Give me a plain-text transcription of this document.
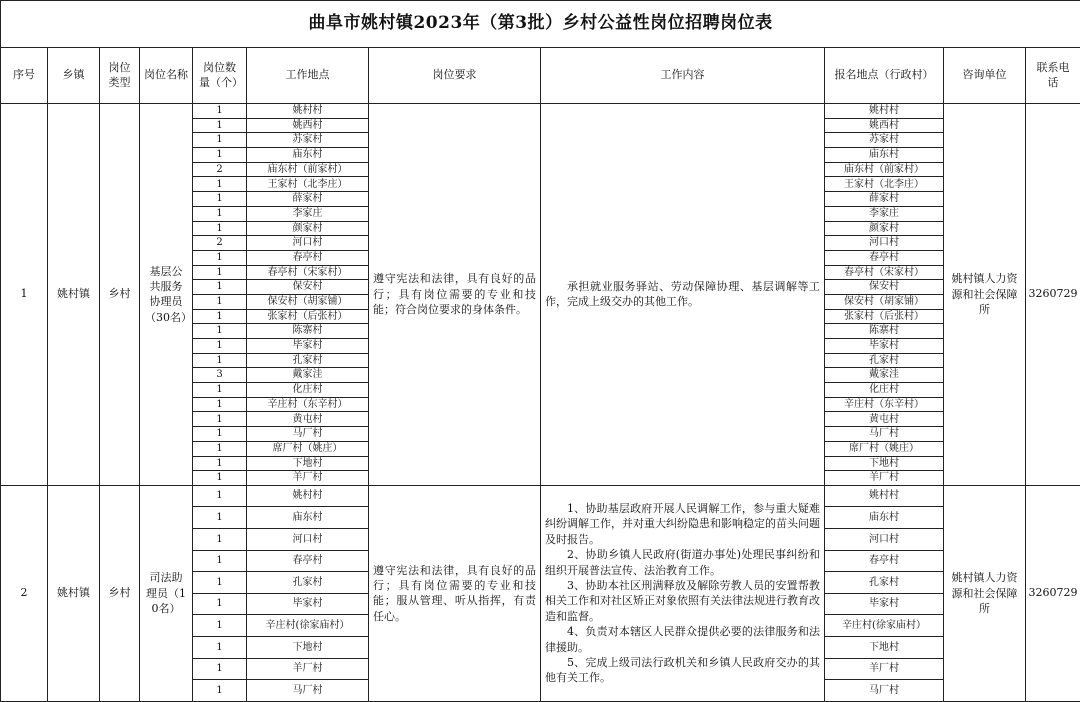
曲阜市姚村镇2023年（第3批）乡村公益性岗位招聘岗位表										
序号	乡镇	岗位类型	岗位名称	岗位数量（个）	工作地点	岗位要求	工作内容	报名地点（行政村）	咨询单位	联系电话
1	姚村镇	乡村	基层公共服务协理员（30名）	1	姚村村	遵守宪法和法律，具有良好的品行；具有岗位需要的专业和技能；符合岗位要求的身体条件。	承担就业服务驿站、劳动保障协理、基层调解等工作，完成上级交办的其他工作。	姚村村	姚村镇人力资源和社会保障所	3260729
				1	姚西村			姚西村		
				1	苏家村			苏家村		
				1	庙东村			庙东村		
				2	庙东村（前家村）			庙东村（前家村）		
				1	王家村（北李庄）			王家村（北李庄）		
				1	薛家村			薛家村		
				1	李家庄			李家庄		
				1	颜家村			颜家村		
				2	河口村			河口村		
				1	春亭村			春亭村		
				1	春亭村（宋家村）			春亭村（宋家村）		
				1	保安村			保安村		
				1	保安村（胡家铺）			保安村（胡家铺）		
				1	张家村（后张村）			张家村（后张村）		
				1	陈寨村			陈寨村		
				1	毕家村			毕家村		
				1	孔家村			孔家村		
				3	戴家洼			戴家洼		
				1	化庄村			化庄村		
				1	辛庄村（东辛村）			辛庄村（东辛村）		
				1	黄屯村			黄屯村		
				1	马厂村			马厂村		
				1	席厂村（姚庄）			席厂村（姚庄）		
				1	下地村			下地村		
				1	羊厂村			羊厂村		
2	姚村镇	乡村	司法助理员（10名）	1	姚村村	遵守宪法和法律，具有良好的品行；具有岗位需要的专业和技能；服从管理、听从指挥，有责任心。	1、协助基层政府开展人民调解工作，参与重大疑难纠纷调解工作，并对重大纠纷隐患和影响稳定的苗头问题及时报告。
2、协助乡镇人民政府(街道办事处)处理民事纠纷和组织开展普法宣传、法治教育工作。
3、协助本社区刑满释放及解除劳教人员的安置帮教相关工作和对社区矫正对象依照有关法律法规进行教育改造和监督。
4、负责对本辖区人民群众提供必要的法律服务和法律援助。
5、完成上级司法行政机关和乡镇人民政府交办的其他有关工作。	姚村村	姚村镇人力资源和社会保障所	3260729
				1	庙东村			庙东村		
				1	河口村			河口村		
				1	春亭村			春亭村		
				1	孔家村			孔家村		
				1	毕家村			毕家村		
				1	辛庄村(徐家庙村）			辛庄村(徐家庙村）		
				1	下地村			下地村		
				1	羊厂村			羊厂村		
				1	马厂村			马厂村		
